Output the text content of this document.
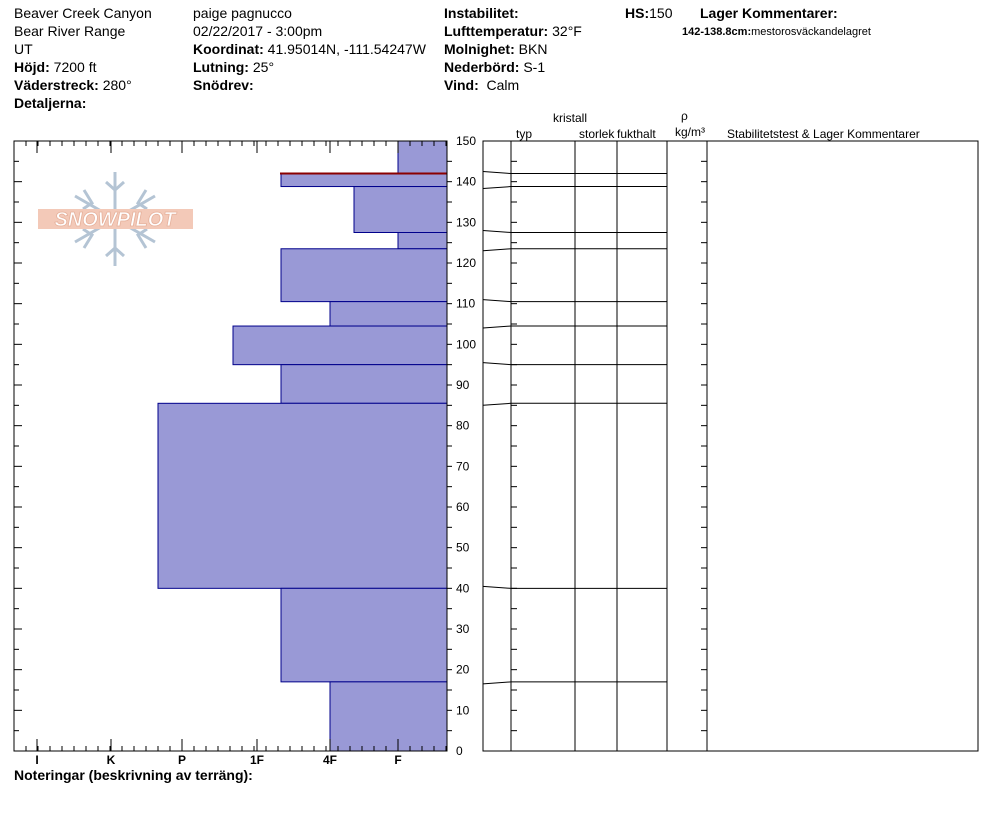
Beaver Creek Canyon
Bear River Range
UT
Höjd: 7200 ft
Väderstreck: 280°
Detaljerna:
paige pagnucco
02/22/2017 - 3:00pm
Koordinat: 41.95014N, -111.54247W
Lutning: 25°
Snödrev:
Instabilitet:
Lufttemperatur: 32°F
Molnighet: BKN
Nederbörd: S-1
Vind: Calm
HS:150 Lager Kommentarer:
142-138.8cm:mestorosväckandelagret
kristall
typ	storlek fukthalt
ρ
kg/m³ Stabilitetstest & Lager Kommentarer
Noteringar (beskrivning av terräng):
SNOWPILOT
0
10
20
30
40
50
60
70
80
90
100
110
120
130
140
150
I	K	P	1F	4F	F
